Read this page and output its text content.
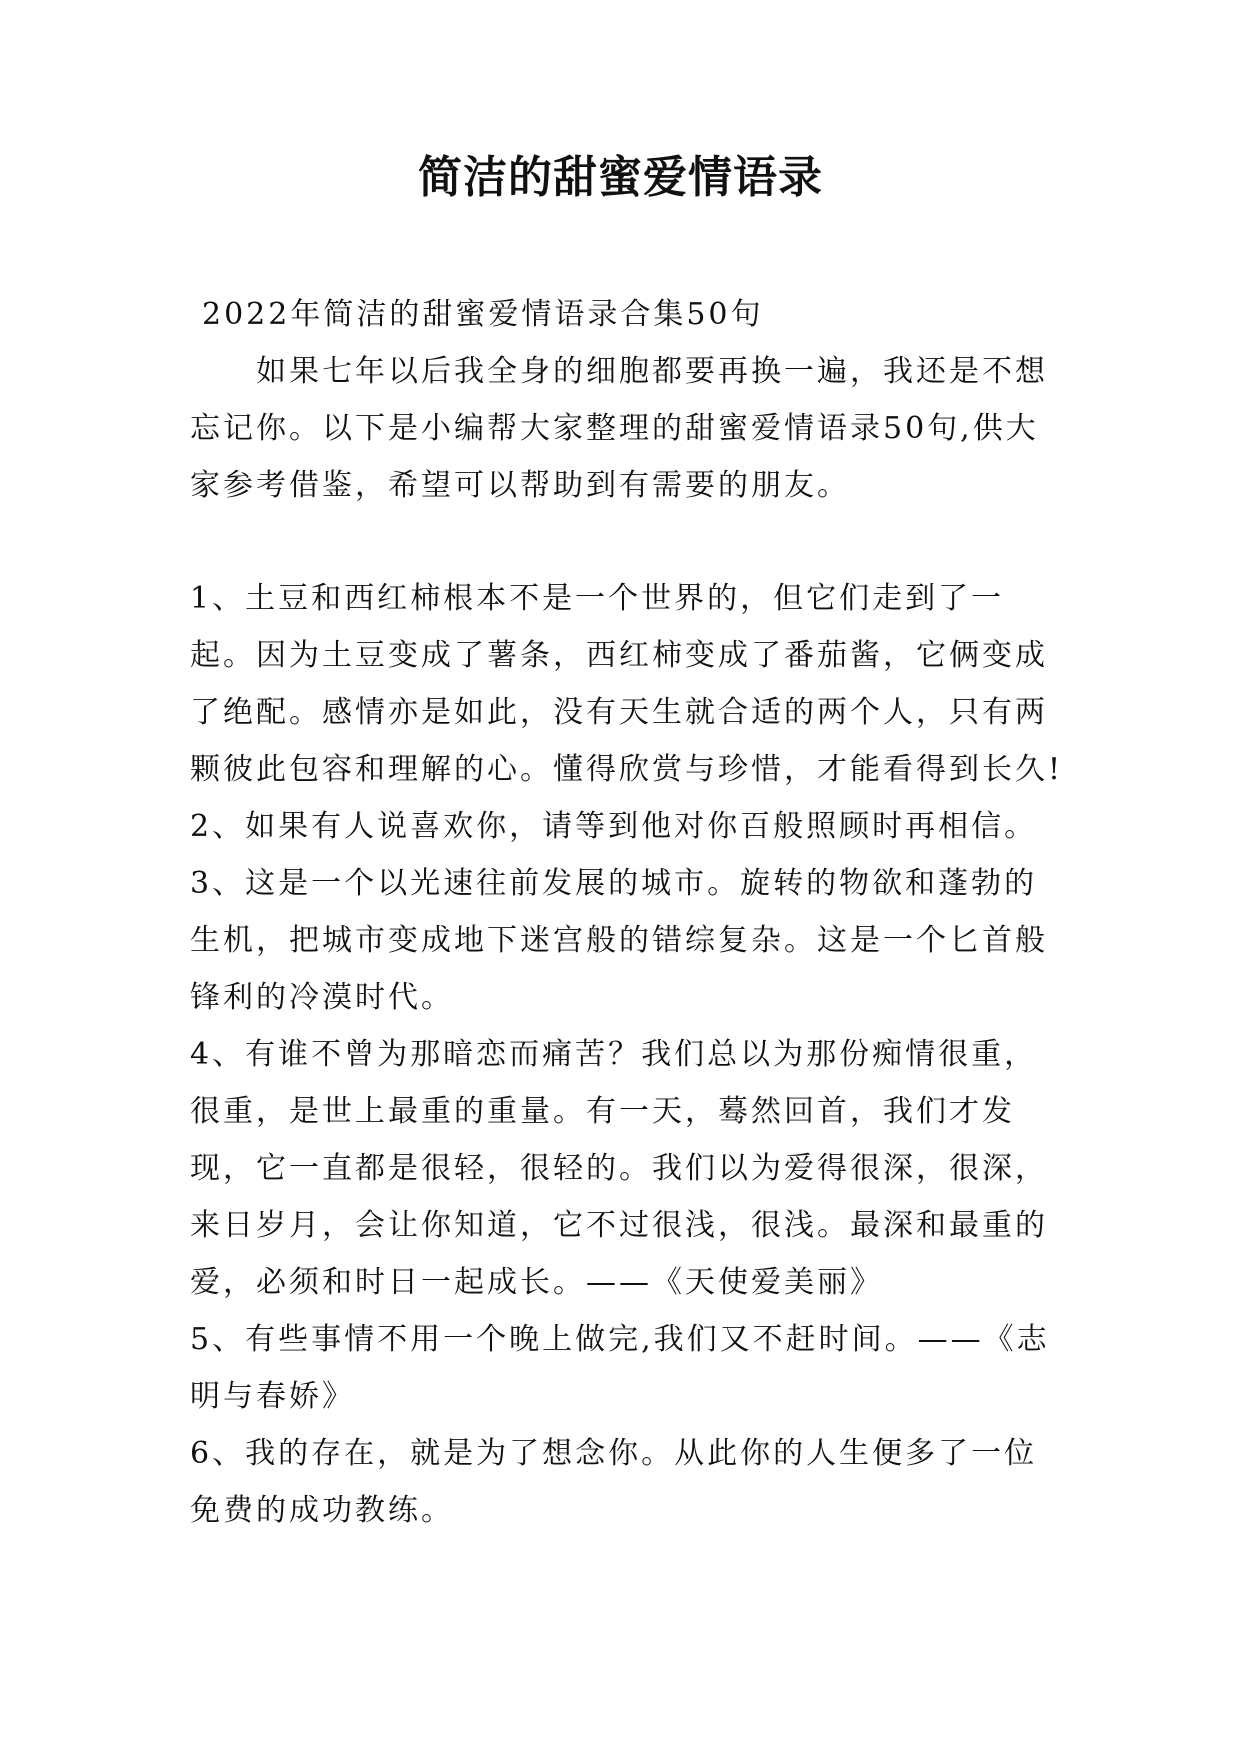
简洁的甜蜜爱情语录

2022年简洁的甜蜜爱情语录合集50句

如果七年以后我全身的细胞都要再换一遍，我还是不想忘记你。以下是小编帮大家整理的甜蜜爱情语录50句,供大家参考借鉴，希望可以帮助到有需要的朋友。

1、土豆和西红柿根本不是一个世界的，但它们走到了一起。因为土豆变成了薯条，西红柿变成了番茄酱，它俩变成了绝配。感情亦是如此，没有天生就合适的两个人，只有两颗彼此包容和理解的心。懂得欣赏与珍惜，才能看得到长久!

2、如果有人说喜欢你，请等到他对你百般照顾时再相信。

3、这是一个以光速往前发展的城市。旋转的物欲和蓬勃的生机，把城市变成地下迷宫般的错综复杂。这是一个匕首般锋利的冷漠时代。

4、有谁不曾为那暗恋而痛苦？我们总以为那份痴情很重，很重，是世上最重的重量。有一天，蓦然回首，我们才发现，它一直都是很轻，很轻的。我们以为爱得很深，很深，来日岁月，会让你知道，它不过很浅，很浅。最深和最重的爱，必须和时日一起成长。——《天使爱美丽》

5、有些事情不用一个晚上做完,我们又不赶时间。——《志明与春娇》

6、我的存在，就是为了想念你。从此你的人生便多了一位免费的成功教练。
